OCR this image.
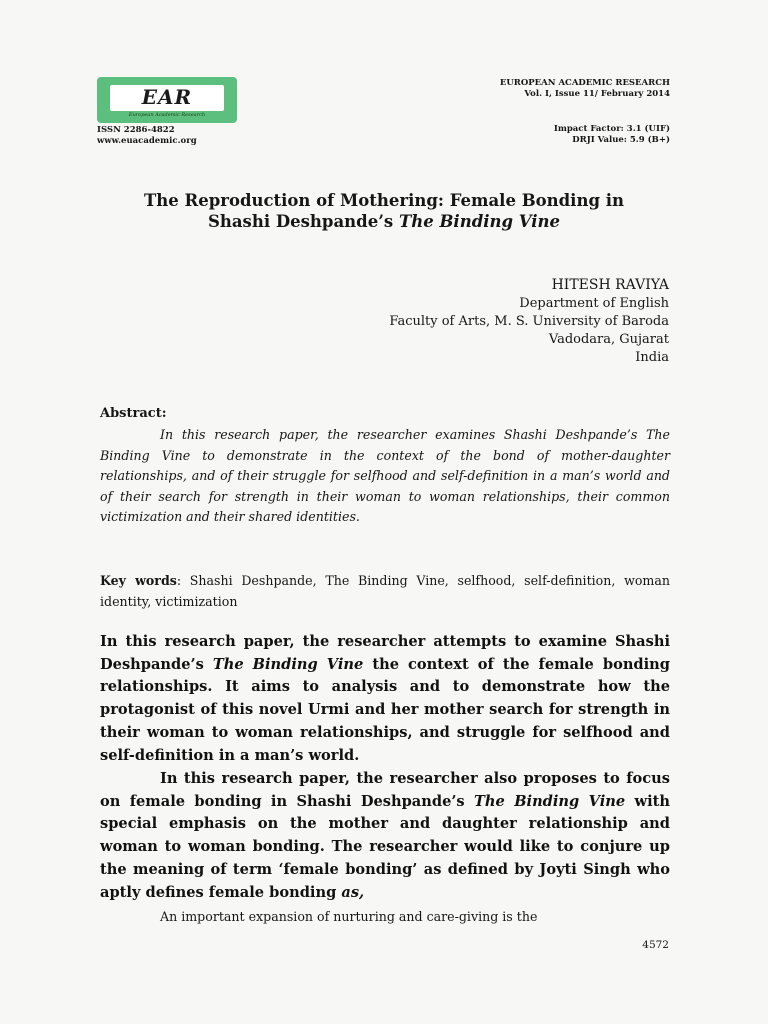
EAR
European Academic Research
ISSN 2286-4822
www.euacademic.org
EUROPEAN ACADEMIC RESEARCH
Vol. I, Issue 11/ February 2014
Impact Factor: 3.1 (UIF)
DRJI Value: 5.9 (B+)
The Reproduction of Mothering: Female Bonding in
Shashi Deshpande’s The Binding Vine
HITESH RAVIYA
Department of English
Faculty of Arts, M. S. University of Baroda
Vadodara, Gujarat
India
Abstract:
In this research paper, the researcher examines Shashi Deshpande’s The Binding Vine to demonstrate in the context of the bond of mother-daughter relationships, and of their struggle for selfhood and self-definition in a man’s world and of their search for strength in their woman to woman relationships, their common victimization and their shared identities.
Key words: Shashi Deshpande, The Binding Vine, selfhood, self-definition, woman identity, victimization
In this research paper, the researcher attempts to examine Shashi Deshpande’s The Binding Vine the context of the female bonding relationships. It aims to analysis and to demonstrate how the protagonist of this novel Urmi and her mother search for strength in their woman to woman relationships, and struggle for selfhood and self-definition in a man’s world.
In this research paper, the researcher also proposes to focus on female bonding in Shashi Deshpande’s The Binding Vine with special emphasis on the mother and daughter relationship and woman to woman bonding. The researcher would like to conjure up the meaning of term ‘female bonding’ as defined by Joyti Singh who aptly defines female bonding as,
An important expansion of nurturing and care-giving is the
4572
